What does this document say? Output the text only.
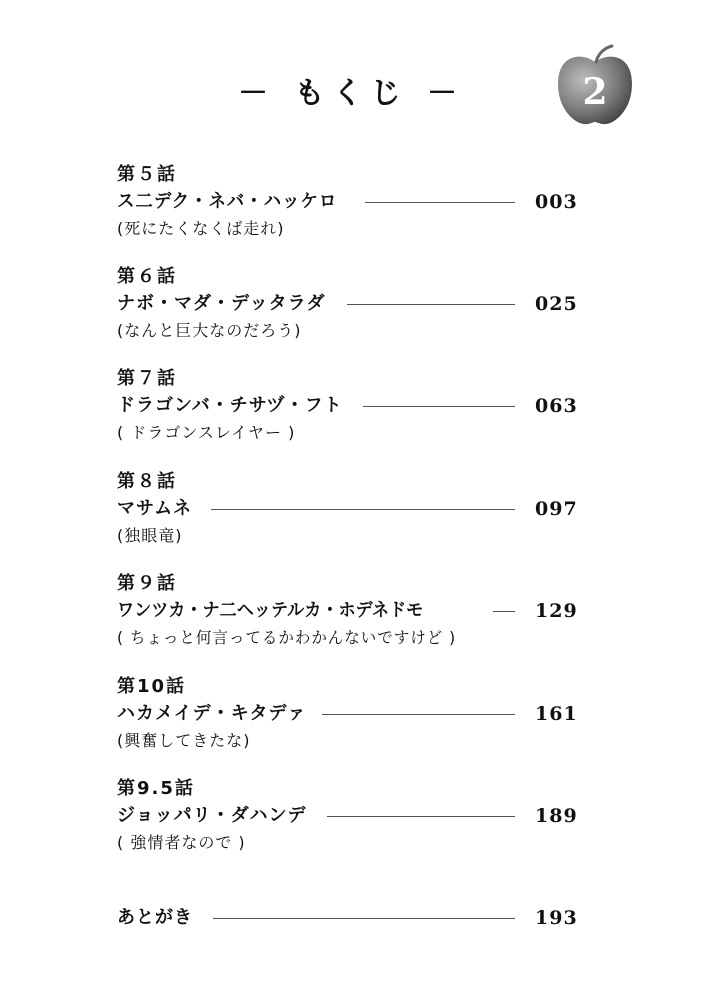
－ もくじ －	2
第５話
ス二デク・ネバ・ハッケロ	003
(死にたくなくば走れ)
第６話
ナボ・マダ・デッタラダ	025
(なんと巨大なのだろう)
第７話
ドラゴンバ・チサヅ・フト	063
( ドラゴンスレイヤー )
第８話
マサムネ	097
(独眼竜)
第９話
ワンツカ・ナ二ヘッテルカ・ホデネドモ	129
( ちょっと何言ってるかわかんないですけど )
第10話
ハカメイデ・キタデァ	161
(興奮してきたな)
第9.5話
ジョッパリ・ダハンデ	189
( 強情者なので )
あとがき	193
